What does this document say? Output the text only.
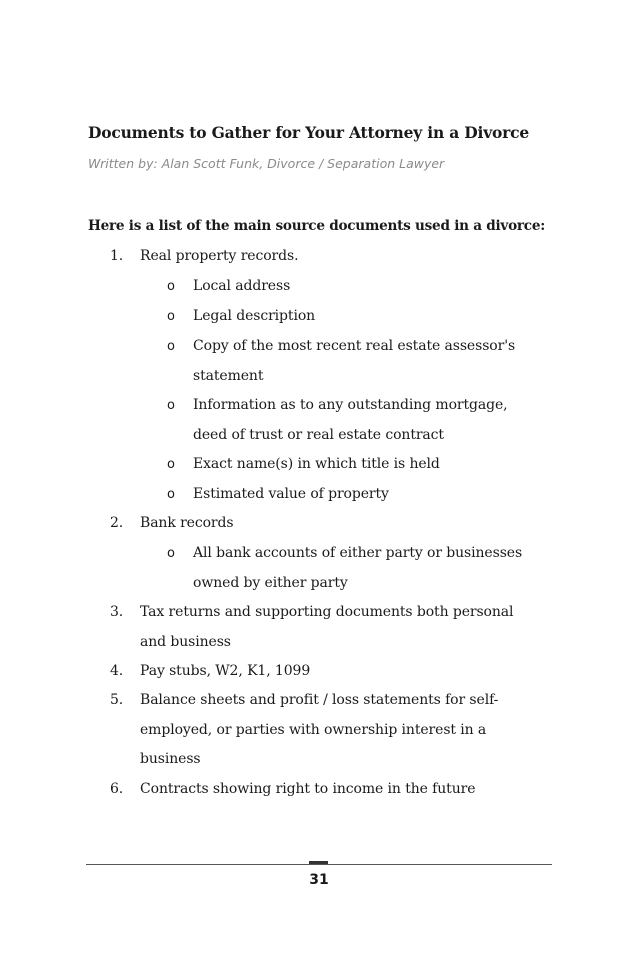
Documents to Gather for Your Attorney in a Divorce

Written by: Alan Scott Funk, Divorce / Separation Lawyer

Here is a list of the main source documents used in a divorce:

1. Real property records.
o Local address
o Legal description
o Copy of the most recent real estate assessor's
statement
o Information as to any outstanding mortgage,
deed of trust or real estate contract
o Exact name(s) in which title is held
o Estimated value of property
2. Bank records
o All bank accounts of either party or businesses
owned by either party
3. Tax returns and supporting documents both personal
and business
4. Pay stubs, W2, K1, 1099
5. Balance sheets and profit / loss statements for self-
employed, or parties with ownership interest in a
business
6. Contracts showing right to income in the future
31
